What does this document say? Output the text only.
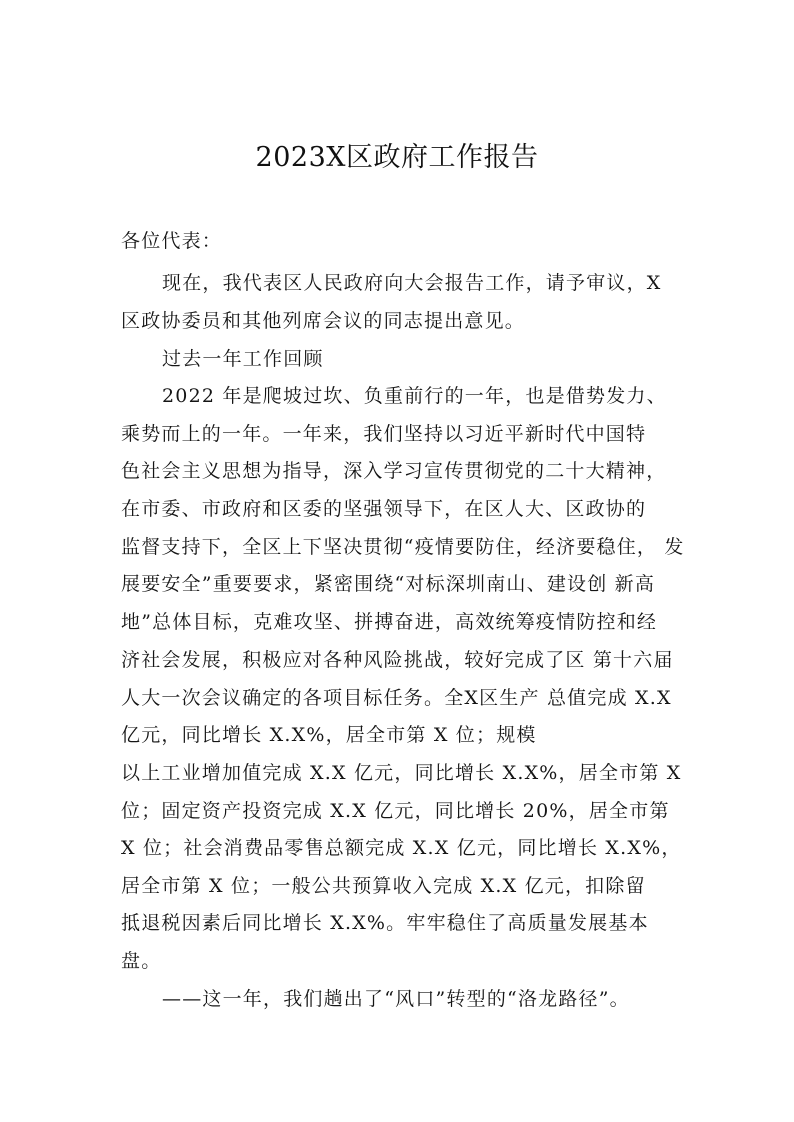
2023X区政府工作报告
各位代表：
现在，我代表区人民政府向大会报告工作，请予审议，X
区政协委员和其他列席会议的同志提出意见。
过去一年工作回顾
2022 年是爬坡过坎、负重前行的一年，也是借势发力、
乘势而上的一年。一年来，我们坚持以习近平新时代中国特
色社会主义思想为指导，深入学习宣传贯彻党的二十大精神，
在市委、市政府和区委的坚强领导下，在区人大、区政协的
监督支持下，全区上下坚决贯彻“疫情要防住，经济要稳住， 发
展要安全”重要要求，紧密围绕“对标深圳南山、建设创 新高
地”总体目标，克难攻坚、拼搏奋进，高效统筹疫情防控和经
济社会发展，积极应对各种风险挑战，较好完成了区 第十六届
人大一次会议确定的各项目标任务。全X区生产 总值完成 X.X
亿元，同比增长 X.X%，居全市第 X 位；规模
以上工业增加值完成 X.X 亿元，同比增长 X.X%，居全市第 X
位；固定资产投资完成 X.X 亿元，同比增长 20%，居全市第
X 位；社会消费品零售总额完成 X.X 亿元，同比增长 X.X%，
居全市第 X 位；一般公共预算收入完成 X.X 亿元，扣除留
抵退税因素后同比增长 X.X%。牢牢稳住了高质量发展基本
盘。
——这一年，我们趟出了“风口”转型的“洛龙路径”。
